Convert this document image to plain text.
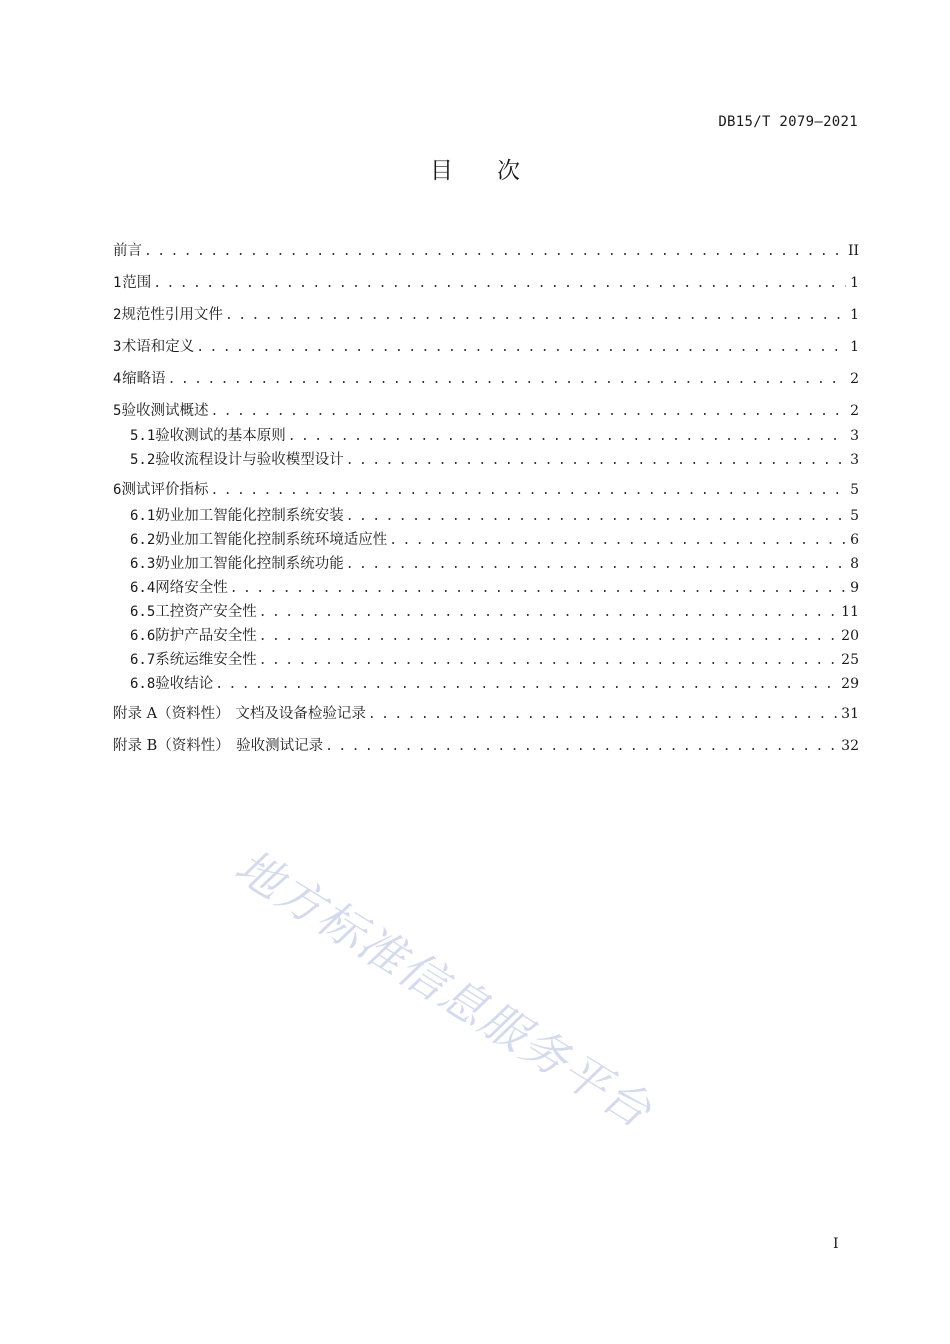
DB15/T 2079—2021
目 次
前言 . . .	II
1 范围 . . .	1
2 规范性引用文件 . . .	1
3 术语和定义 . . .	1
4 缩略语 . . .	2
5 验收测试概述 . . .	2
5.1 验收测试的基本原则 . . .	3
5.2 验收流程设计与验收模型设计 . . .	3
6 测试评价指标 . . .	5
6.1 奶业加工智能化控制系统安装 . . .	5
6.2 奶业加工智能化控制系统环境适应性 . . .	6
6.3 奶业加工智能化控制系统功能 . . .	8
6.4 网络安全性 . . .	9
6.5 工控资产安全性 . . .	11
6.6 防护产品安全性 . . .	20
6.7 系统运维安全性 . . .	25
6.8 验收结论 . . .	29
附录 A（资料性） 文档及设备检验记录 . . .	31
附录 B（资料性） 验收测试记录 . . .	32
地方标准信息服务平台
I
